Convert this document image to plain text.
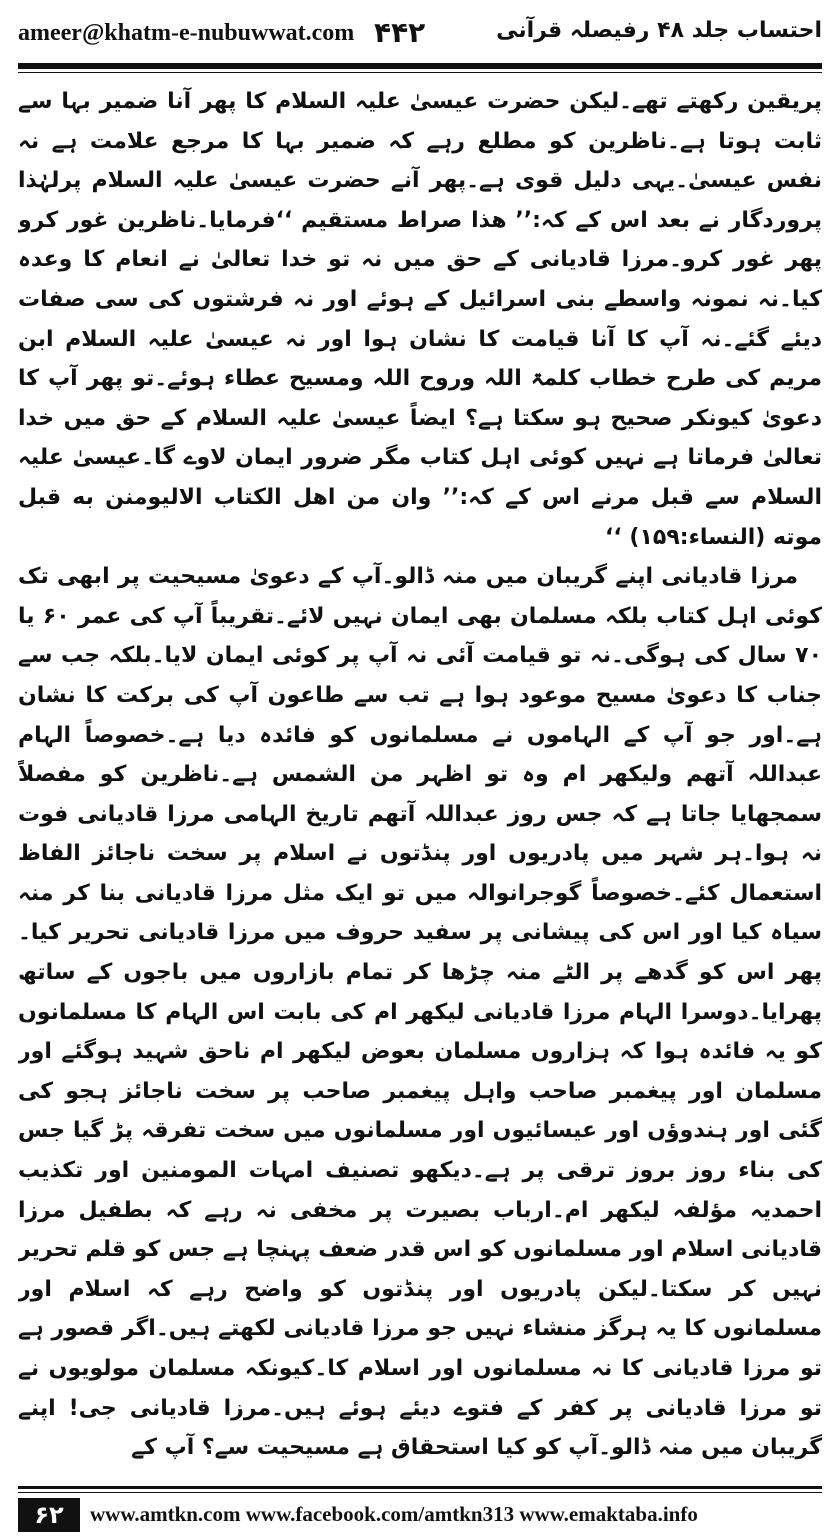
ameer@khatm-e-nubuwwat.com ۴۴۲	احتساب جلد ۴۸ رفیصلہ قرآنی

پریقین رکھتے تھے۔لیکن حضرت عیسیٰ علیہ السلام کا پھر آنا ضمیر بہا سے ثابت ہوتا ہے۔ناظرین کو مطلع رہے کہ ضمیر بہا کا مرجع علامت ہے نہ نفس عیسیٰ۔یہی دلیل قوی ہے۔پھر آنے حضرت عیسیٰ علیہ السلام پرلہٰذا پروردگار نے بعد اس کے کہ:’’ ھذا صراط مستقیم ‘‘فرمایا۔ناظرین غور کرو پھر غور کرو۔مرزا قادیانی کے حق میں نہ تو خدا تعالیٰ نے انعام کا وعدہ کیا۔نہ نمونہ واسطے بنی اسرائیل کے ہوئے اور نہ فرشتوں کی سی صفات دیئے گئے۔نہ آپ کا آنا قیامت کا نشان ہوا اور نہ عیسیٰ علیہ السلام ابن مریم کی طرح خطاب کلمۃ اللہ وروح اللہ ومسیح عطاء ہوئے۔تو پھر آپ کا دعویٰ کیونکر صحیح ہو سکتا ہے؟ ایضاً عیسیٰ علیہ السلام کے حق میں خدا تعالیٰ فرماتا ہے نہیں کوئی اہل کتاب مگر ضرور ایمان لاوے گا۔عیسیٰ علیہ السلام سے قبل مرنے اس کے کہ:’’ وان من اھل الکتاب الالیومنن به قبل موته (النساء:۱۵۹) ‘‘

مرزا قادیانی اپنے گریبان میں منہ ڈالو۔آپ کے دعویٰ مسیحیت پر ابھی تک کوئی اہل کتاب بلکہ مسلمان بھی ایمان نہیں لائے۔تقریباً آپ کی عمر ۶۰ یا ۷۰ سال کی ہوگی۔نہ تو قیامت آئی نہ آپ پر کوئی ایمان لایا۔بلکہ جب سے جناب کا دعویٰ مسیح موعود ہوا ہے تب سے طاعون آپ کی برکت کا نشان ہے۔اور جو آپ کے الہاموں نے مسلمانوں کو فائدہ دیا ہے۔خصوصاً الہام عبداللہ آتھم ولیکھر ام وہ تو اظہر من الشمس ہے۔ناظرین کو مفصلاً سمجھایا جاتا ہے کہ جس روز عبداللہ آتھم تاریخ الہامی مرزا قادیانی فوت نہ ہوا۔ہر شہر میں پادریوں اور پنڈتوں نے اسلام پر سخت ناجائز الفاظ استعمال کئے۔خصوصاً گوجرانوالہ میں تو ایک مثل مرزا قادیانی بنا کر منہ سیاہ کیا اور اس کی پیشانی پر سفید حروف میں مرزا قادیانی تحریر کیا۔پھر اس کو گدھے پر الٹے منہ چڑھا کر تمام بازاروں میں باجوں کے ساتھ پھرایا۔دوسرا الہام مرزا قادیانی لیکھر ام کی بابت اس الہام کا مسلمانوں کو یہ فائدہ ہوا کہ ہزاروں مسلمان بعوض لیکھر ام ناحق شہید ہوگئے اور مسلمان اور پیغمبر صاحب واہل پیغمبر صاحب پر سخت ناجائز ہجو کی گئی اور ہندوؤں اور عیسائیوں اور مسلمانوں میں سخت تفرقہ پڑ گیا جس کی بناء روز بروز ترقی پر ہے۔دیکھو تصنیف امہات المومنین اور تکذیب احمدیہ مؤلفہ لیکھر ام۔ارباب بصیرت پر مخفی نہ رہے کہ بطفیل مرزا قادیانی اسلام اور مسلمانوں کو اس قدر ضعف پہنچا ہے جس کو قلم تحریر نہیں کر سکتا۔لیکن پادریوں اور پنڈتوں کو واضح رہے کہ اسلام اور مسلمانوں کا یہ ہرگز منشاء نہیں جو مرزا قادیانی لکھتے ہیں۔اگر قصور ہے تو مرزا قادیانی کا نہ مسلمانوں اور اسلام کا۔کیونکہ مسلمان مولویوں نے تو مرزا قادیانی پر کفر کے فتوے دیئے ہوئے ہیں۔مرزا قادیانی جی! اپنے گریبان میں منہ ڈالو۔آپ کو کیا استحقاق ہے مسیحیت سے؟ آپ کے

۶۲	www.amtkn.com www.facebook.com/amtkn313 www.emaktaba.info
